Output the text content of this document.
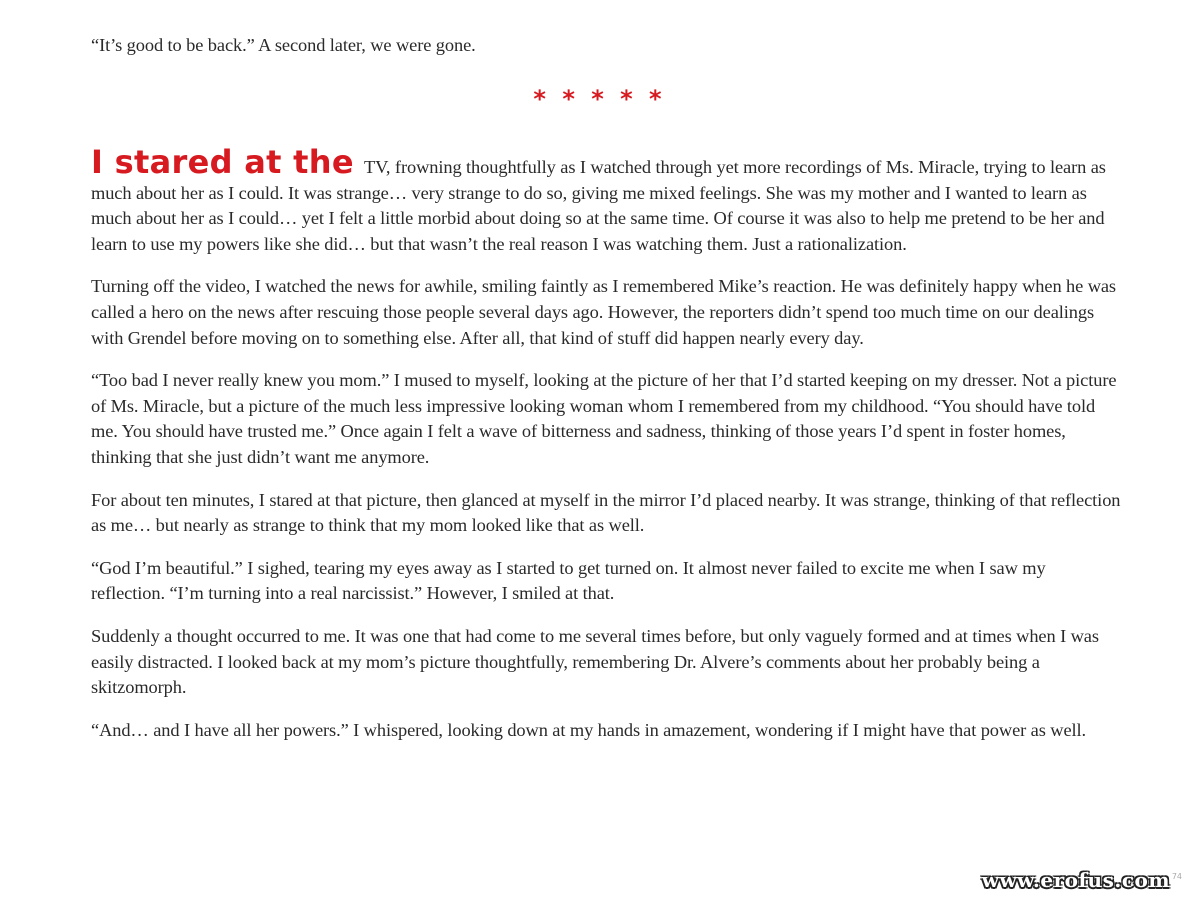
“It’s good to be back.” A second later, we were gone.

* * * * *

I stared at the TV, frowning thoughtfully as I watched through yet more recordings of Ms. Miracle, trying to learn as much about her as I could. It was strange… very strange to do so, giving me mixed feelings. She was my mother and I wanted to learn as much about her as I could… yet I felt a little morbid about doing so at the same time. Of course it was also to help me pretend to be her and learn to use my powers like she did… but that wasn’t the real reason I was watching them. Just a rationalization.

Turning off the video, I watched the news for awhile, smiling faintly as I remembered Mike’s reaction. He was definitely happy when he was called a hero on the news after rescuing those people several days ago. However, the reporters didn’t spend too much time on our dealings with Grendel before moving on to something else. After all, that kind of stuff did happen nearly every day.

“Too bad I never really knew you mom.” I mused to myself, looking at the picture of her that I’d started keeping on my dresser. Not a picture of Ms. Miracle, but a picture of the much less impressive looking woman whom I remembered from my childhood. “You should have told me. You should have trusted me.” Once again I felt a wave of bitterness and sadness, thinking of those years I’d spent in foster homes, thinking that she just didn’t want me anymore.

For about ten minutes, I stared at that picture, then glanced at myself in the mirror I’d placed nearby. It was strange, thinking of that reflection as me… but nearly as strange to think that my mom looked like that as well.

“God I’m beautiful.” I sighed, tearing my eyes away as I started to get turned on. It almost never failed to excite me when I saw my reflection. “I’m turning into a real narcissist.” However, I smiled at that.

Suddenly a thought occurred to me. It was one that had come to me several times before, but only vaguely formed and at times when I was easily distracted. I looked back at my mom’s picture thoughtfully, remembering Dr. Alvere’s comments about her probably being a skitzomorph.

“And… and I have all her powers.” I whispered, looking down at my hands in amazement, wondering if I might have that power as well.

74
www.erofus.com
